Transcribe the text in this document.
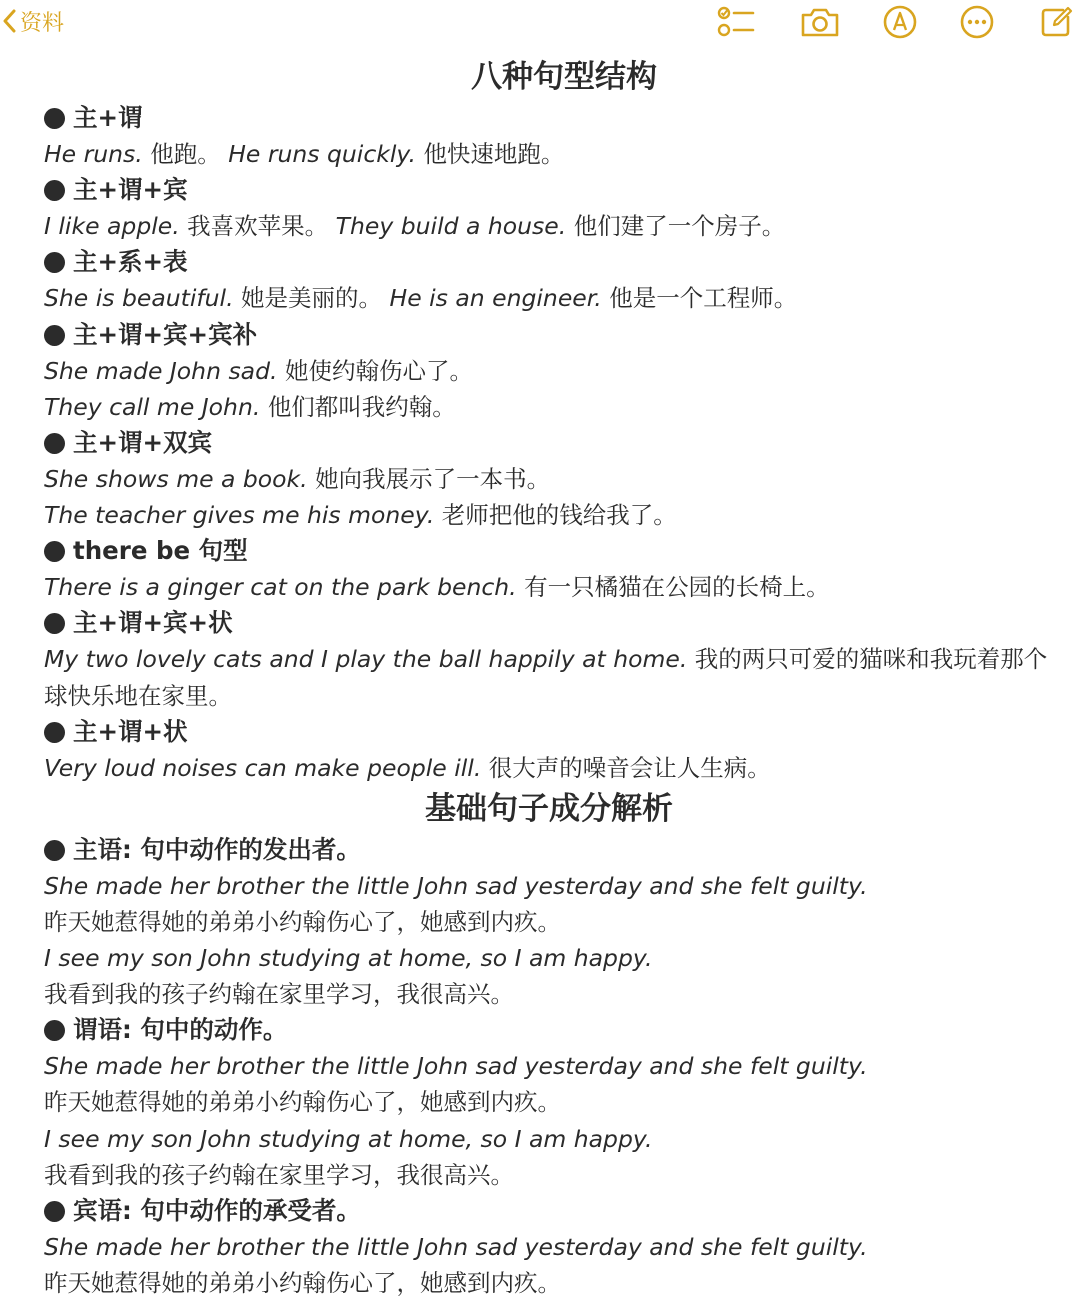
资料
八种句型结构
主+谓
He runs. 他跑。 He runs quickly. 他快速地跑。
主+谓+宾
I like apple. 我喜欢苹果。 They build a house. 他们建了一个房子。
主+系+表
She is beautiful. 她是美丽的。 He is an engineer. 他是一个工程师。
主+谓+宾+宾补
She made John sad. 她使约翰伤心了。
They call me John. 他们都叫我约翰。
主+谓+双宾
She shows me a book. 她向我展示了一本书。
The teacher gives me his money. 老师把他的钱给我了。
there be 句型
There is a ginger cat on the park bench. 有一只橘猫在公园的长椅上。
主+谓+宾+状
My two lovely cats and I play the ball happily at home. 我的两只可爱的猫咪和我玩着那个球快乐地在家里。
主+谓+状
Very loud noises can make people ill. 很大声的噪音会让人生病。
基础句子成分解析
主语: 句中动作的发出者。
She made her brother the little John sad yesterday and she felt guilty.
昨天她惹得她的弟弟小约翰伤心了，她感到内疚。
I see my son John studying at home, so I am happy.
我看到我的孩子约翰在家里学习，我很高兴。
谓语: 句中的动作。
She made her brother the little John sad yesterday and she felt guilty.
昨天她惹得她的弟弟小约翰伤心了，她感到内疚。
I see my son John studying at home, so I am happy.
我看到我的孩子约翰在家里学习，我很高兴。
宾语: 句中动作的承受者。
She made her brother the little John sad yesterday and she felt guilty.
昨天她惹得她的弟弟小约翰伤心了，她感到内疚。
